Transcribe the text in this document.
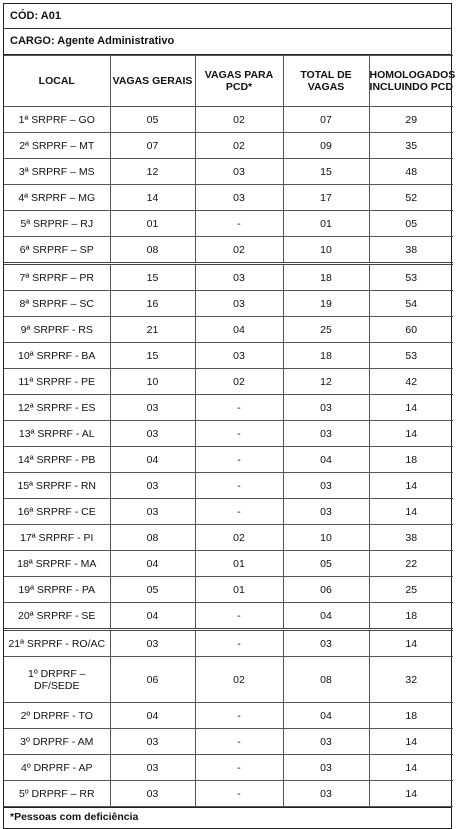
CÓD: A01
CARGO: Agente Administrativo
LOCAL	VAGAS GERAIS	VAGAS PARA PCD*	TOTAL DE VAGAS	HOMOLOGADOS INCLUINDO PCD
1ª SRPRF – GO	05	02	07	29
2ª SRPRF – MT	07	02	09	35
3ª SRPRF – MS	12	03	15	48
4ª SRPRF – MG	14	03	17	52
5ª SRPRF – RJ	01	-	01	05
6ª SRPRF – SP	08	02	10	38
7ª SRPRF – PR	15	03	18	53
8ª SRPRF – SC	16	03	19	54
9ª SRPRF - RS	21	04	25	60
10ª SRPRF - BA	15	03	18	53
11ª SRPRF - PE	10	02	12	42
12ª SRPRF - ES	03	-	03	14
13ª SRPRF - AL	03	-	03	14
14ª SRPRF - PB	04	-	04	18
15ª SRPRF - RN	03	-	03	14
16ª SRPRF - CE	03	-	03	14
17ª SRPRF - PI	08	02	10	38
18ª SRPRF - MA	04	01	05	22
19ª SRPRF - PA	05	01	06	25
20ª SRPRF - SE	04	-	04	18
21ª SRPRF - RO/AC	03	-	03	14
1º DRPRF – DF/SEDE	06	02	08	32
2º DRPRF - TO	04	-	04	18
3º DRPRF - AM	03	-	03	14
4º DRPRF - AP	03	-	03	14
5º DRPRF – RR	03	-	03	14
*Pessoas com deficiência
